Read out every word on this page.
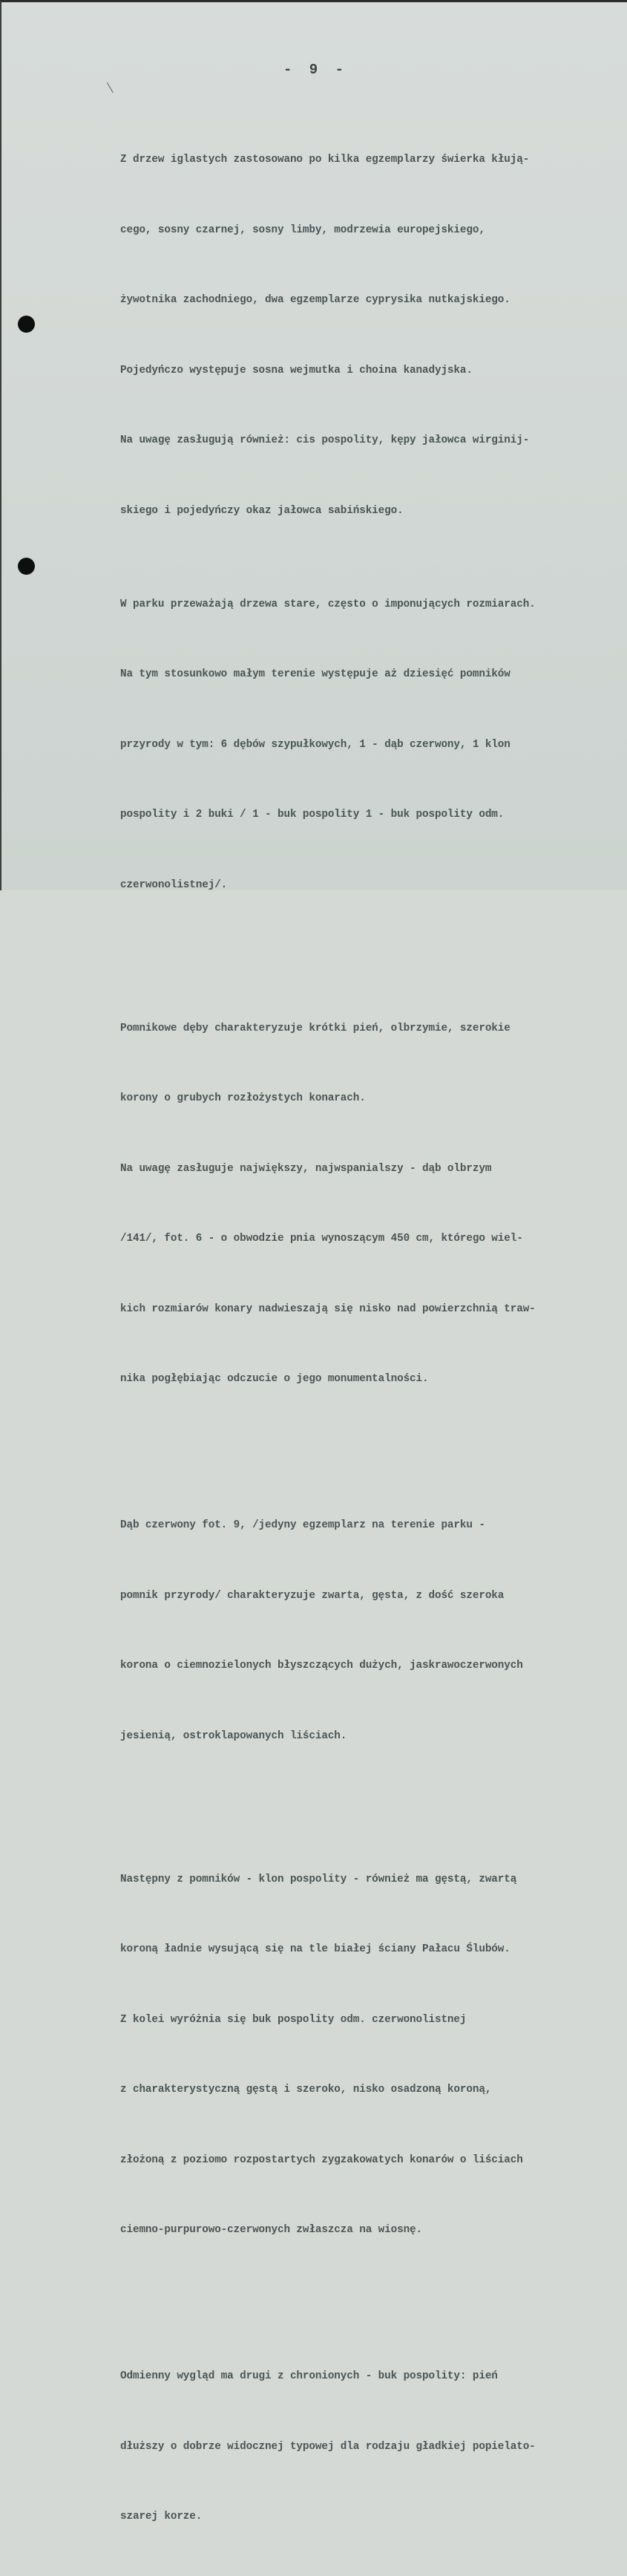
- 9 -

Z drzew iglastych zastosowano po kilka egzemplarzy świerka kłują-

cego, sosny czarnej, sosny limby, modrzewia europejskiego,

żywotnika zachodniego, dwa egzemplarze cyprysika nutkajskiego.

Pojedyńczo występuje sosna wejmutka i choina kanadyjska.

Na uwagę zasługują również: cis pospolity, kępy jałowca wirginij-

skiego i pojedyńczy okaz jałowca sabińskiego.

W parku przeważają drzewa stare, często o imponujących rozmiarach.

Na tym stosunkowo małym terenie występuje aż dziesięć pomników

przyrody w tym: 6 dębów szypułkowych, 1 - dąb czerwony, 1 klon

pospolity i 2 buki / 1 - buk pospolity 1 - buk pospolity odm.

czerwonolistnej/.

Pomnikowe dęby charakteryzuje krótki pień, olbrzymie, szerokie

korony o grubych rozłożystych konarach.

Na uwagę zasługuje największy, najwspanialszy - dąb olbrzym

/141/, fot. 6 - o obwodzie pnia wynoszącym 450 cm, którego wiel-

kich rozmiarów konary nadwieszają się nisko nad powierzchnią traw-

nika pogłębiając odczucie o jego monumentalności.

Dąb czerwony fot. 9, /jedyny egzemplarz na terenie parku -

pomnik przyrody/ charakteryzuje zwarta, gęsta, z dość szeroka

korona o ciemnozielonych błyszczących dużych, jaskrawoczerwonych

jesienią, ostroklapowanych liściach.

Następny z pomników - klon pospolity - również ma gęstą, zwartą

koroną ładnie wysującą się na tle białej ściany Pałacu Ślubów.

Z kolei wyróżnia się buk pospolity odm. czerwonolistnej

z charakterystyczną gęstą i szeroko, nisko osadzoną koroną,

złożoną z poziomo rozpostartych zygzakowatych konarów o liściach

ciemno-purpurowo-czerwonych zwłaszcza na wiosnę.

Odmienny wygląd ma drugi z chronionych - buk pospolity: pień

dłuższy o dobrze widocznej typowej dla rodzaju gładkiej popielato-

szarej korze.
